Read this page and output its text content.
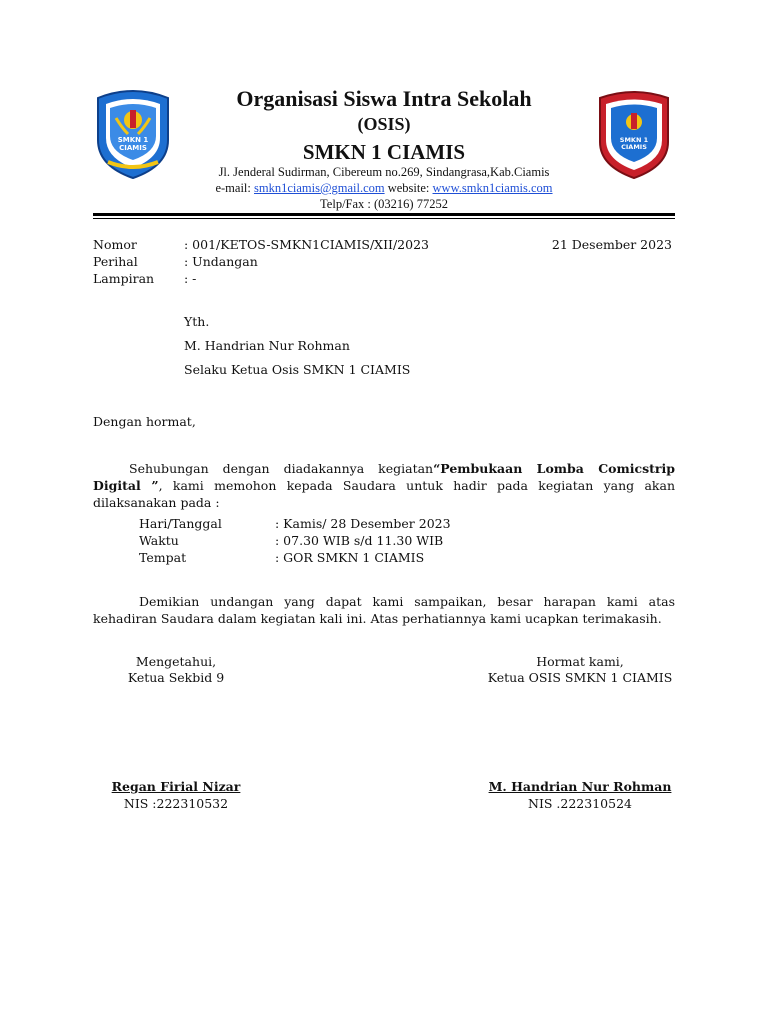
SMKN 1
CIAMIS
SMKN 1
CIAMIS
Organisasi Siswa Intra Sekolah
(OSIS)
SMKN 1 CIAMIS
Jl. Jenderal Sudirman, Cibereum no.269, Sindangrasa,Kab.Ciamis
e-mail: smkn1ciamis@gmail.com website: www.smkn1ciamis.com
Telp/Fax : (03216) 77252
Nomor	: 001/KETOS-SMKN1CIAMIS/XII/2023	21 Desember 2023
Perihal	: Undangan
Lampiran : -
Yth.
M. Handrian Nur Rohman
Selaku Ketua Osis SMKN 1 CIAMIS
Dengan hormat,
Sehubungan dengan diadakannya kegiatan“Pembukaan Lomba Comicstrip Digital ”, kami memohon kepada Saudara untuk hadir pada kegiatan yang akan dilaksanakan pada :
Hari/Tanggal	: Kamis/ 28 Desember 2023
Waktu	: 07.30 WIB s/d 11.30 WIB
Tempat	: GOR SMKN 1 CIAMIS
Demikian undangan yang dapat kami sampaikan, besar harapan kami atas kehadiran Saudara dalam kegiatan kali ini. Atas perhatiannya kami ucapkan terimakasih.
Mengetahui,
Ketua Sekbid 9
Regan Firial Nizar
NIS :222310532
Hormat kami,
Ketua OSIS SMKN 1 CIAMIS
M. Handrian Nur Rohman
NIS .222310524
